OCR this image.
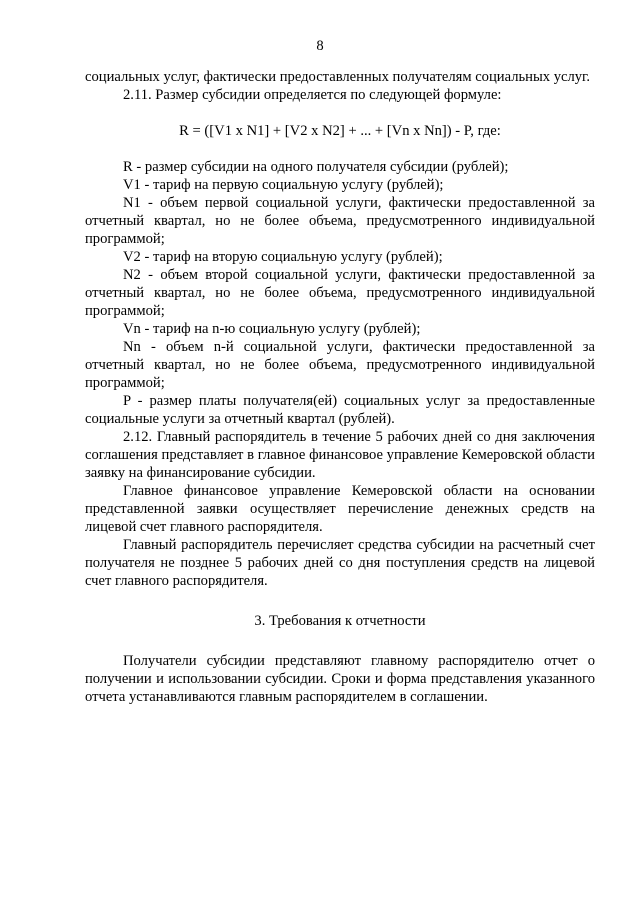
8

социальных услуг, фактически предоставленных получателям социальных услуг.

2.11. Размер субсидии определяется по следующей формуле:

R = ([V1 x N1] + [V2 x N2] + ... + [Vn x Nn]) - P, где:

R - размер субсидии на одного получателя субсидии (рублей);

V1 - тариф на первую социальную услугу (рублей);

N1 - объем первой социальной услуги, фактически предоставленной за отчетный квартал, но не более объема, предусмотренного индивидуальной программой;

V2 - тариф на вторую социальную услугу (рублей);

N2 - объем второй социальной услуги, фактически предоставленной за отчетный квартал, но не более объема, предусмотренного индивидуальной программой;

Vn - тариф на n-ю социальную услугу (рублей);

Nn - объем n-й социальной услуги, фактически предоставленной за отчетный квартал, но не более объема, предусмотренного индивидуальной программой;

P - размер платы получателя(ей) социальных услуг за предоставленные социальные услуги за отчетный квартал (рублей).

2.12. Главный распорядитель в течение 5 рабочих дней со дня заключения соглашения представляет в главное финансовое управление Кемеровской области заявку на финансирование субсидии.

Главное финансовое управление Кемеровской области на основании представленной заявки осуществляет перечисление денежных средств на лицевой счет главного распорядителя.

Главный распорядитель перечисляет средства субсидии на расчетный счет получателя не позднее 5 рабочих дней со дня поступления средств на лицевой счет главного распорядителя.

3. Требования к отчетности

Получатели субсидии представляют главному распорядителю отчет о получении и использовании субсидии. Сроки и форма представления указанного отчета устанавливаются главным распорядителем в соглашении.
